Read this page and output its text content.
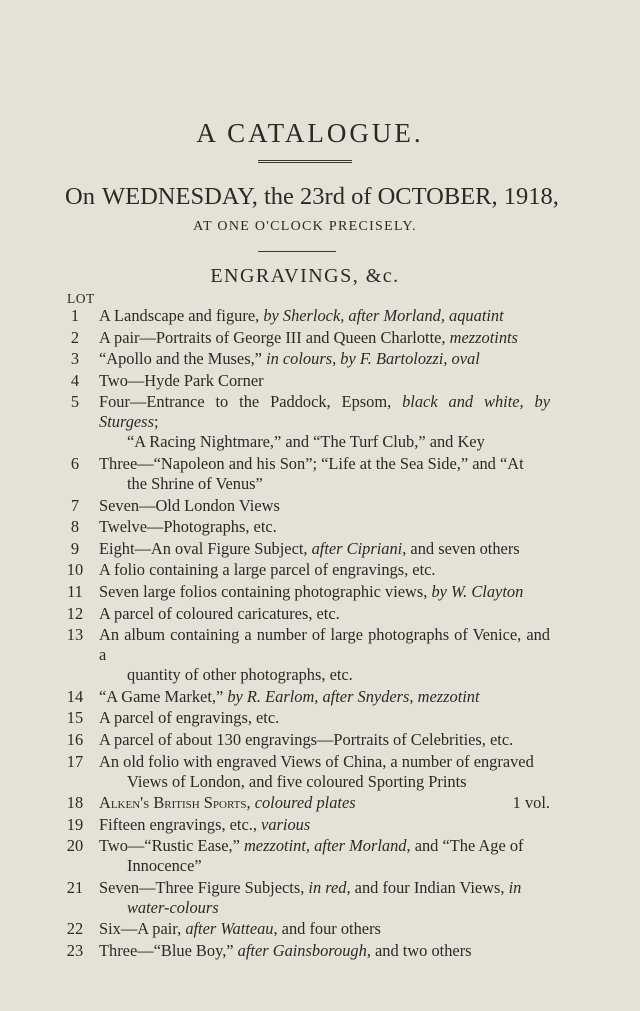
A CATALOGUE.
On WEDNESDAY, the 23rd of OCTOBER, 1918,
AT ONE O'CLOCK PRECISELY.
ENGRAVINGS, &c.
LOT
1	A Landscape and figure, by Sherlock, after Morland, aquatint
2	A pair—Portraits of George III and Queen Charlotte, mezzotints
3	“Apollo and the Muses,” in colours, by F. Bartolozzi, oval
4	Two—Hyde Park Corner
5	Four—Entrance to the Paddock, Epsom, black and white, by Sturgess;
“A Racing Nightmare,” and “The Turf Club,” and Key
6	Three—“Napoleon and his Son”; “Life at the Sea Side,” and “At
the Shrine of Venus”
7	Seven—Old London Views
8	Twelve—Photographs, etc.
9	Eight—An oval Figure Subject, after Cipriani, and seven others
10 A folio containing a large parcel of engravings, etc.
11 Seven large folios containing photographic views, by W. Clayton
12 A parcel of coloured caricatures, etc.
13 An album containing a number of large photographs of Venice, and a
quantity of other photographs, etc.
14 “A Game Market,” by R. Earlom, after Snyders, mezzotint
15 A parcel of engravings, etc.
16 A parcel of about 130 engravings—Portraits of Celebrities, etc.
17 An old folio with engraved Views of China, a number of engraved
Views of London, and five coloured Sporting Prints
18 Alken's British Sports, coloured plates	1 vol.
19 Fifteen engravings, etc., various
20 Two—“Rustic Ease,” mezzotint, after Morland, and “The Age of
Innocence”
21 Seven—Three Figure Subjects, in red, and four Indian Views, in
water-colours
22 Six—A pair, after Watteau, and four others
23 Three—“Blue Boy,” after Gainsborough, and two others
